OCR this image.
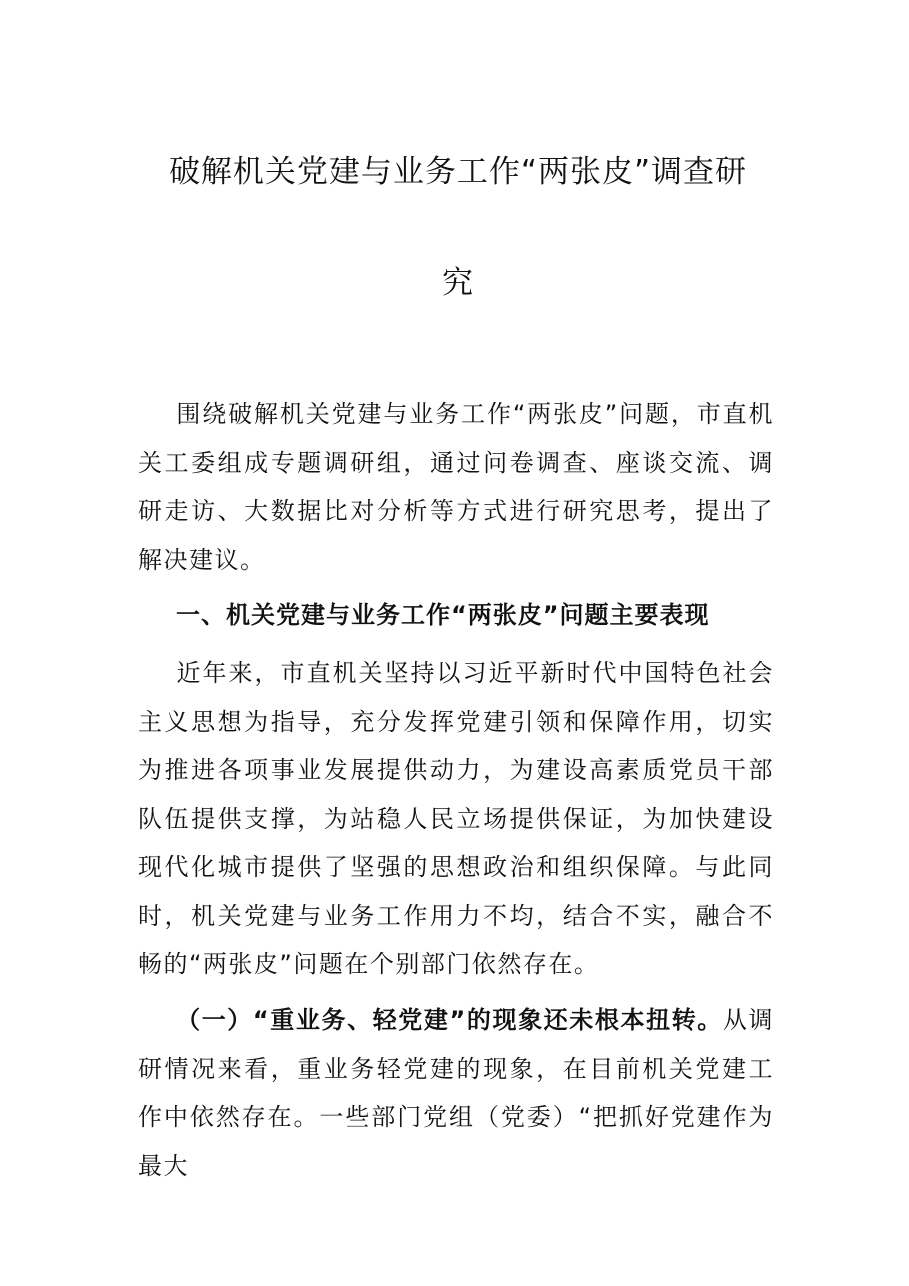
破解机关党建与业务工作“两张皮”调查研
究
围绕破解机关党建与业务工作“两张皮”问题，市直机关工委组成专题调研组，通过问卷调查、座谈交流、调研走访、大数据比对分析等方式进行研究思考，提出了解决建议。
一、机关党建与业务工作“两张皮”问题主要表现
近年来，市直机关坚持以习近平新时代中国特色社会主义思想为指导，充分发挥党建引领和保障作用，切实为推进各项事业发展提供动力，为建设高素质党员干部队伍提供支撑，为站稳人民立场提供保证，为加快建设现代化城市提供了坚强的思想政治和组织保障。与此同时，机关党建与业务工作用力不均，结合不实，融合不畅的“两张皮”问题在个别部门依然存在。
（一）“重业务、轻党建”的现象还未根本扭转。从调研情况来看，重业务轻党建的现象，在目前机关党建工作中依然存在。一些部门党组（党委）“把抓好党建作为最大
